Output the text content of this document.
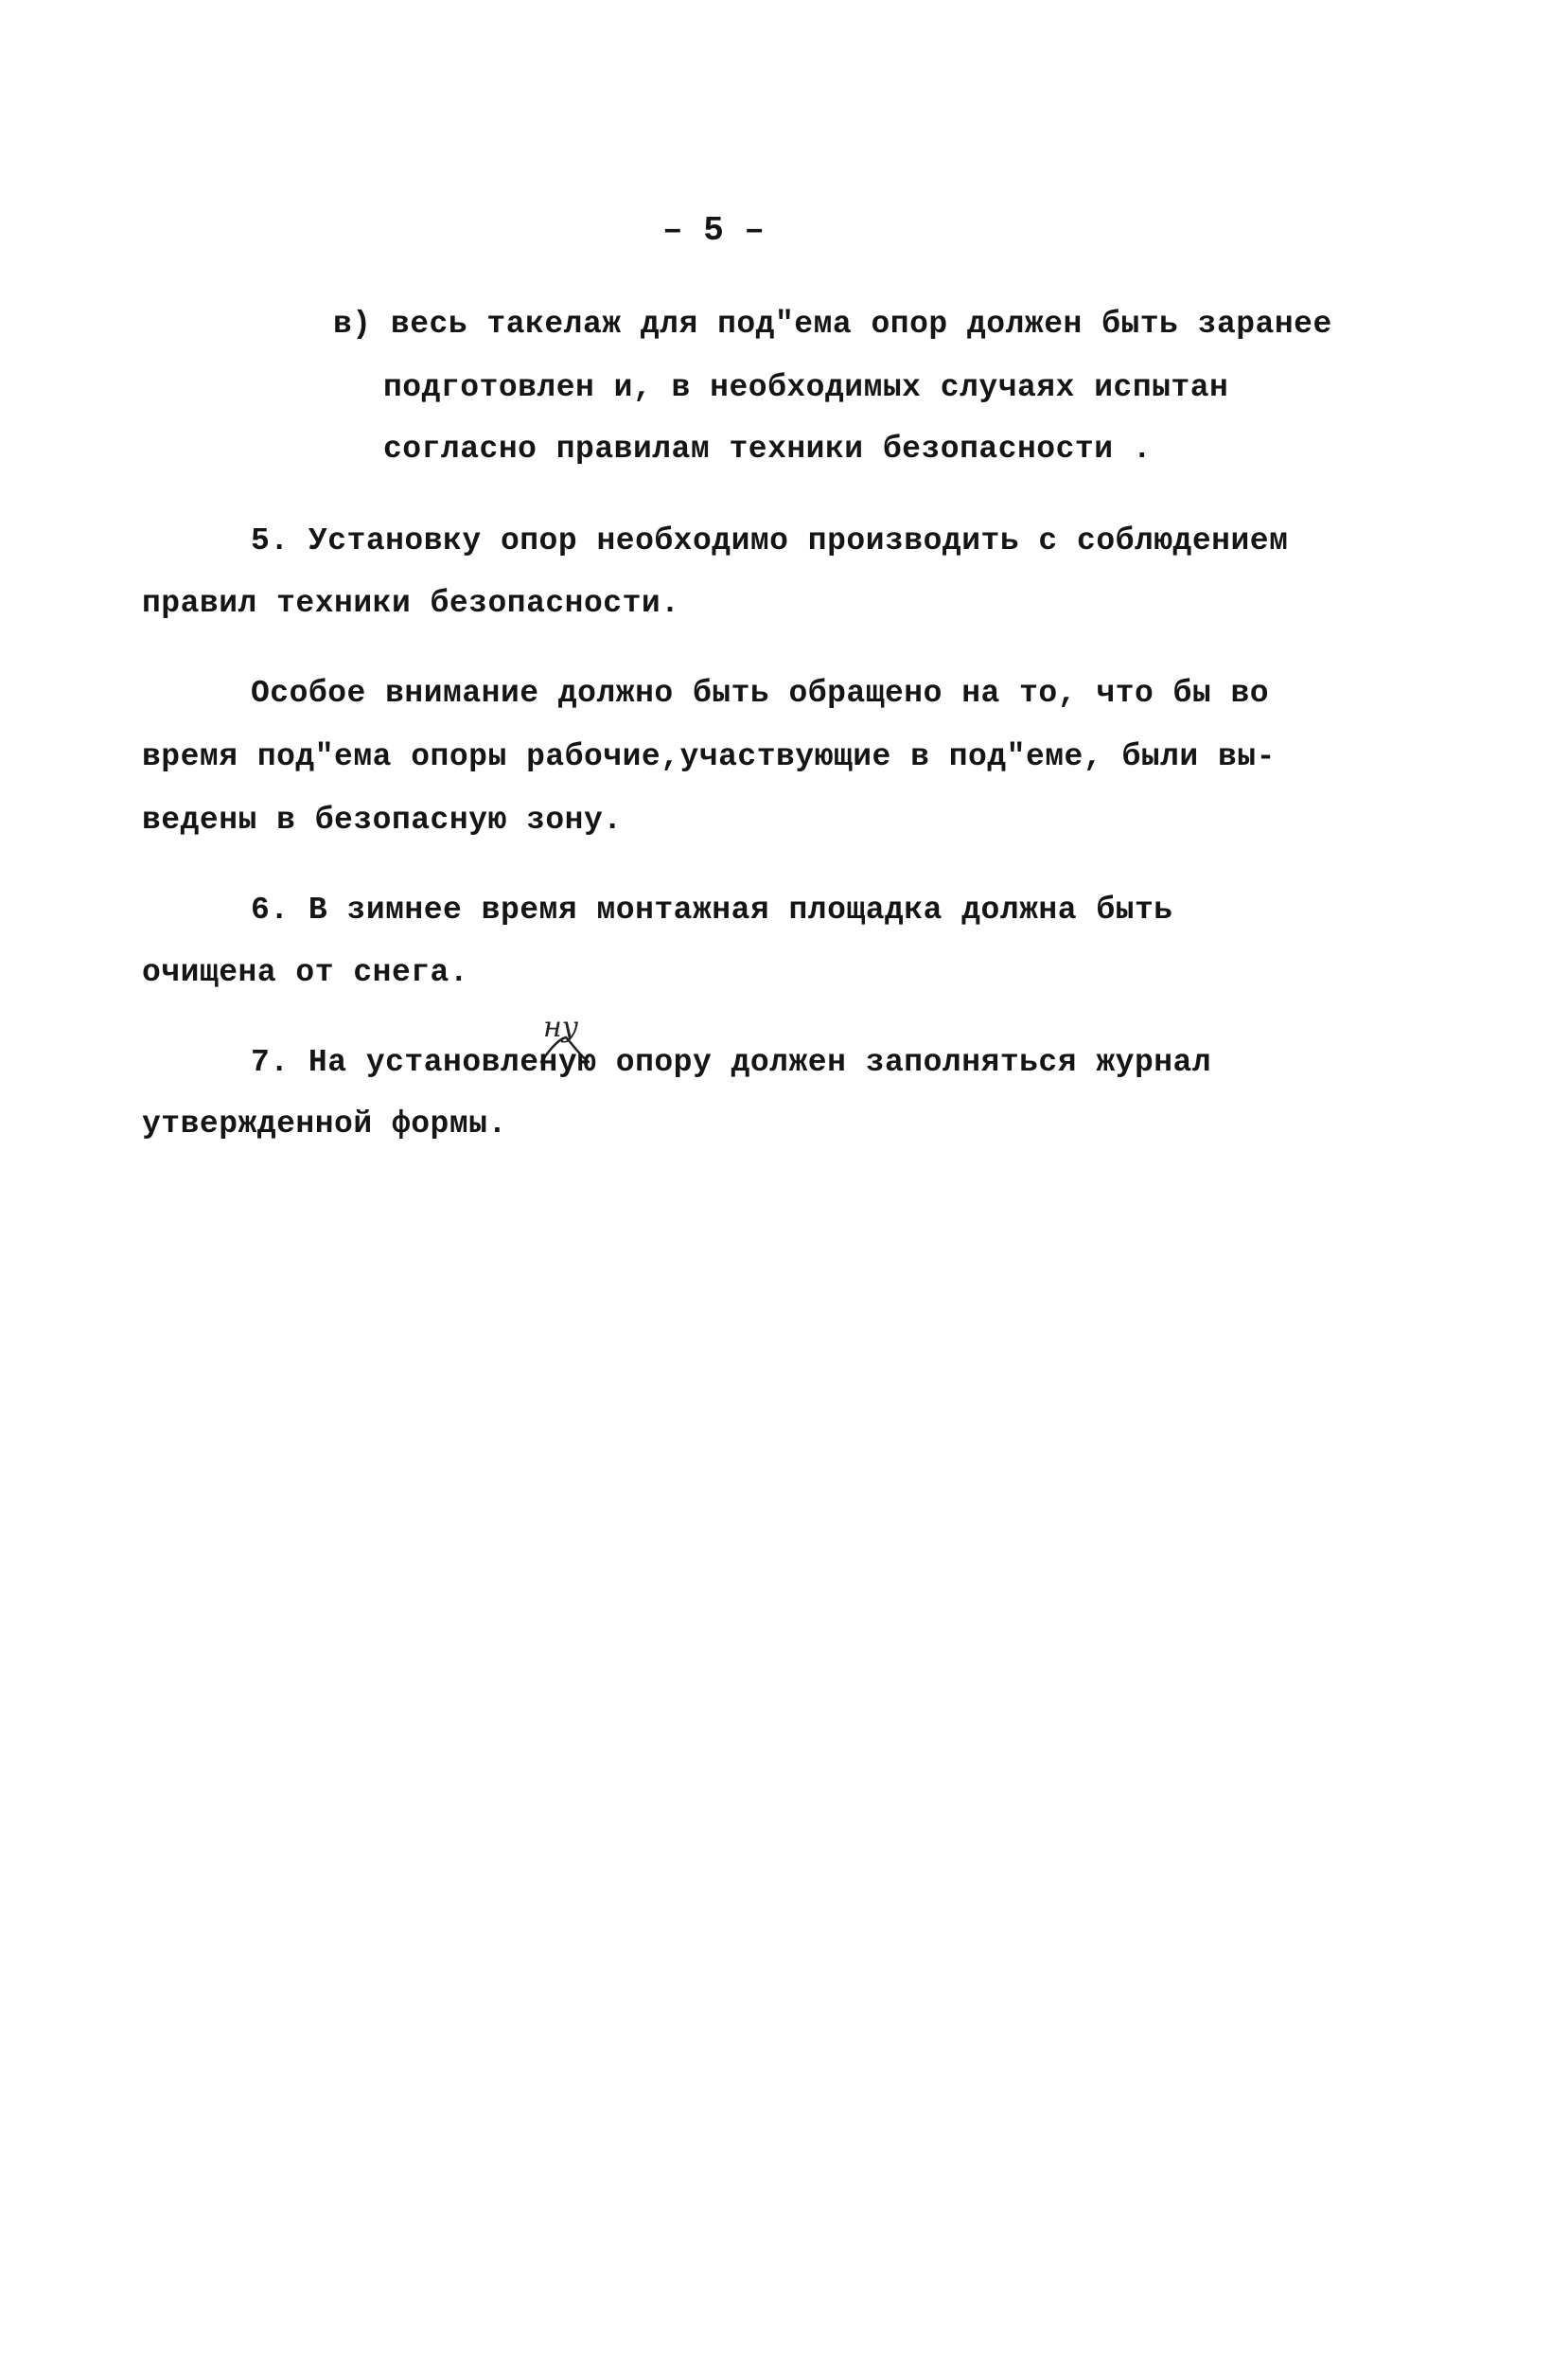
– 5 –
в) весь такелаж для под"ема опор должен быть заранее
подготовлен и, в необходимых случаях испытан
согласно правилам техники безопасности .
5. Установку опор необходимо производить с соблюдением
правил техники безопасности.
Особое внимание должно быть обращено на то, что бы во
время под"ема опоры рабочие,участвующие в под"еме, были вы-
ведены в безопасную зону.
6. В зимнее время монтажная площадка должна быть
очищена от снега.
ну
7. На установленую опору должен заполняться журнал
утвержденной формы.
